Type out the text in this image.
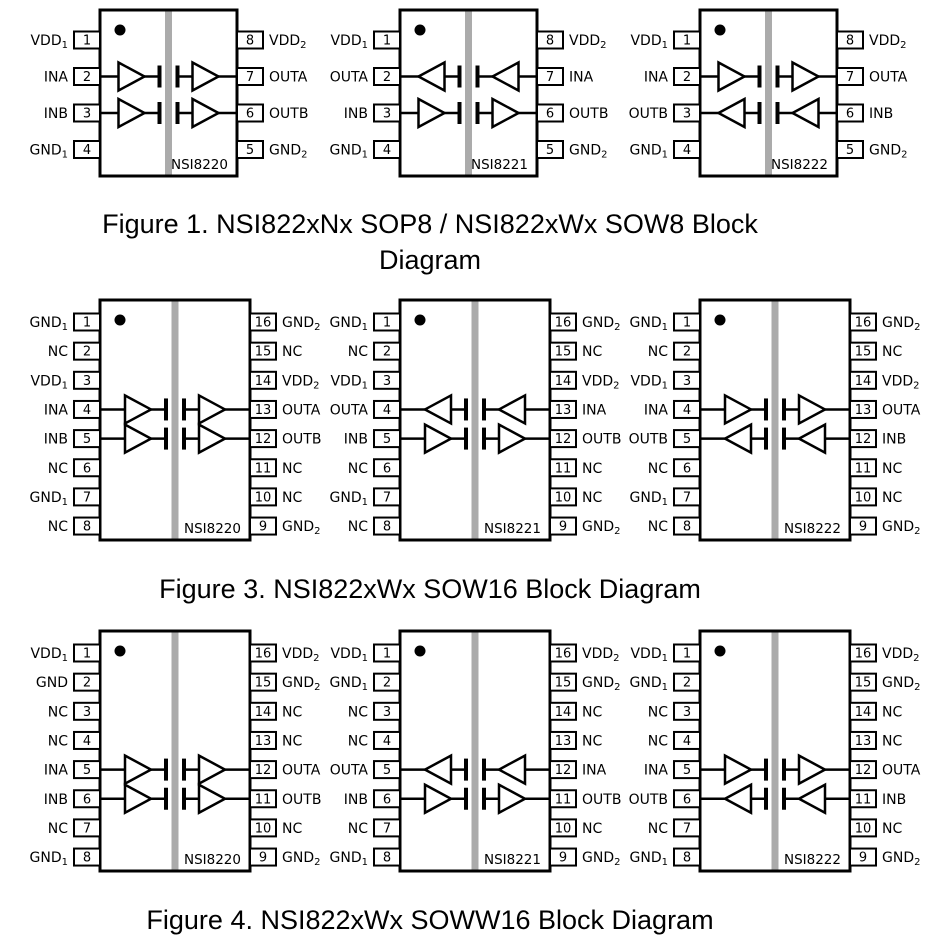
NSI8220
1
$VDD_1$
2
INA
3
INB
4
$GND_1$
8 $VDD_2$
7 OUTA
6 OUTB
5 $GND_2$
NSI8221
1
$VDD_1$
2
OUTA
3
INB
4
$GND_1$
8 $VDD_2$
7 INA
6 OUTB
5 $GND_2$
NSI8222
1
$VDD_1$
2
INA
3
OUTB
4
$GND_1$
8 $VDD_2$
7 OUTA
6 INB
5 $GND_2$
Figure 1. NSI822xNx SOP8 / NSI822xWx SOW8 Block
Diagram
NSI8220
1
$GND_1$
2
NC
3
$VDD_1$
4
INA
5
INB
6
NC
7
$GND_1$
8
NC
16 $GND_2$
15 NC
14 $VDD_2$
13 OUTA
12 OUTB
11 NC
10 NC
9 $GND_2$	NSI8221
1
$GND_1$
2
NC
3
$VDD_1$
4
OUTA
5
INB
6
NC
7
$GND_1$
8
NC
16 $GND_2$
15 NC
14 $VDD_2$
13 INA
12 OUTB
11 NC
10 NC
9 $GND_2$	NSI8222
1
$GND_1$
2
NC
3
$VDD_1$
4
INA
5
OUTB
6
NC
7
$GND_1$
8
NC
16 $GND_2$
15 NC
14 $VDD_2$
13 OUTA
12 INB
11 NC
10 NC
9 $GND_2$
Figure 3. NSI822xWx SOW16 Block Diagram
NSI8220
1
$VDD_1$
2
GND
3
NC
4
NC
5
INA
6
INB
7
NC
8
$GND_1$
16 $VDD_2$
15 $GND_2$
14 NC
13 NC
12 OUTA
11 OUTB
10 NC
9 $GND_2$	NSI8221
1
$VDD_1$
2
$GND_1$
3
NC
4
NC
5
OUTA
6
INB
7
NC
8
$GND_1$
16 $VDD_2$
15 $GND_2$
14 NC
13 NC
12 INA
11 OUTB
10 NC
9 $GND_2$	NSI8222
1
$VDD_1$
2
$GND_1$
3
NC
4
NC
5
INA
6
OUTB
7
NC
8
$GND_1$
16 $VDD_2$
15 $GND_2$
14 NC
13 NC
12 OUTA
11 INB
10 NC
9 $GND_2$
Figure 4. NSI822xWx SOWW16 Block Diagram
